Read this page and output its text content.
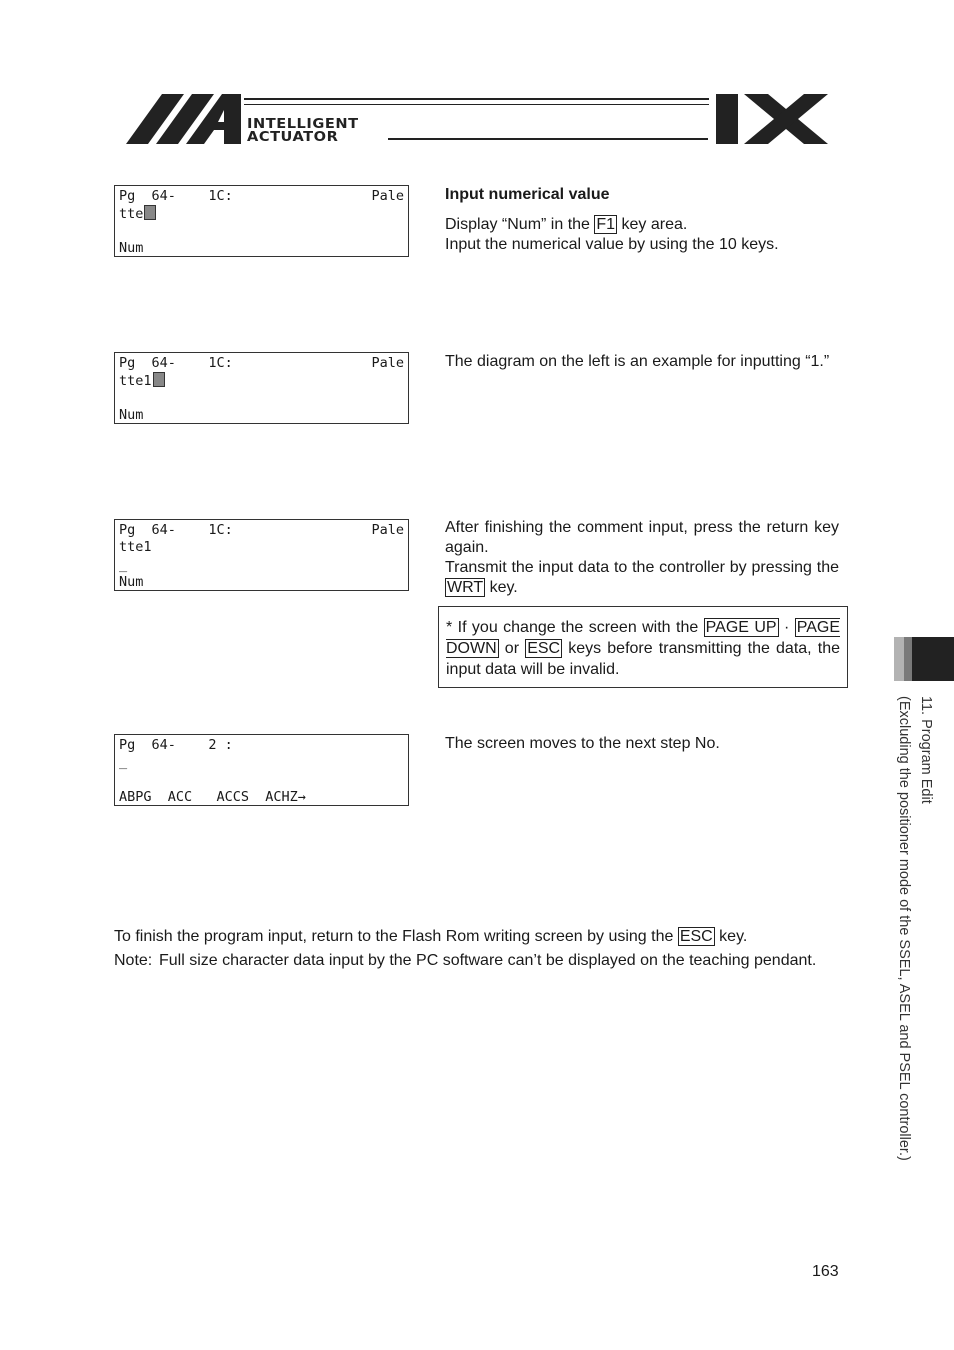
INTELLIGENT
ACTUATOR
Pg  64-    1C:	Pale
tte
Num
Input numerical value
Display “Num” in the F1 key area.
Input the numerical value by using the 10 keys.
Pg  64-    1C:	Pale
tte1
Num
The diagram on the left is an example for inputting “1.”
Pg  64-    1C:	Pale
tte1
_
Num
After finishing the comment input, press the return key again.
Transmit the input data to the controller by pressing the WRT key.
* If you change the screen with the PAGE UP · PAGE DOWN or ESC keys before transmitting the data, the input data will be invalid.
Pg  64-    2 :
_
ABPG  ACC   ACCS  ACHZ→
The screen moves to the next step No.
To finish the program input, return to the Flash Rom writing screen by using the ESC key.
Note: Full size character data input by the PC software can’t be displayed on the teaching pendant.
11. Program Edit
(Excluding the positioner mode of the SSEL, ASEL and PSEL controller.)
163
